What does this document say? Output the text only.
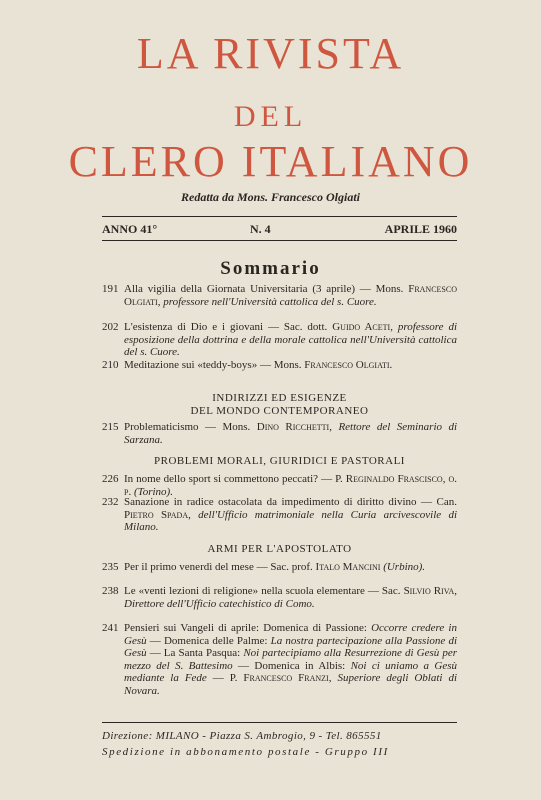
LA RIVISTA
DEL
CLERO ITALIANO
Redatta da Mons. Francesco Olgiati
ANNO 41°	N. 4	APRILE 1960
Sommario
191 Alla vigilia della Giornata Universitaria (3 aprile) — Mons. Francesco Olgiati, professore nell'Università cattolica del s. Cuore.
202 L'esistenza di Dio e i giovani — Sac. dott. Guido Aceti, professore di esposizione della dottrina e della morale cattolica nell'Università cattolica del s. Cuore.
210 Meditazione sui «teddy-boys» — Mons. Francesco Olgiati.
INDIRIZZI ED ESIGENZE
DEL MONDO CONTEMPORANEO
215 Problematicismo — Mons. Dino Ricchetti, Rettore del Seminario di Sarzana.
PROBLEMI MORALI, GIURIDICI E PASTORALI
226 In nome dello sport si commettono peccati? — P. Reginaldo Frascisco, o. p. (Torino).
232 Sanazione in radice ostacolata da impedimento di diritto divino — Can. Pietro Spada, dell'Ufficio matrimoniale nella Curia arcivescovile di Milano.
ARMI PER L'APOSTOLATO
235 Per il primo venerdì del mese — Sac. prof. Italo Mancini (Urbino).
238 Le «venti lezioni di religione» nella scuola elementare — Sac. Silvio Riva, Direttore dell'Ufficio catechistico di Como.
241 Pensieri sui Vangeli di aprile: Domenica di Passione: Occorre credere in Gesù — Domenica delle Palme: La nostra partecipazione alla Passione di Gesù — La Santa Pasqua: Noi partecipiamo alla Resurrezione di Gesù per mezzo del S. Battesimo — Domenica in Albis: Noi ci uniamo a Gesù mediante la Fede — P. Francesco Franzi, Superiore degli Oblati di Novara.
Direzione: MILANO - Piazza S. Ambrogio, 9 - Tel. 865551
Spedizione in abbonamento postale - Gruppo III
